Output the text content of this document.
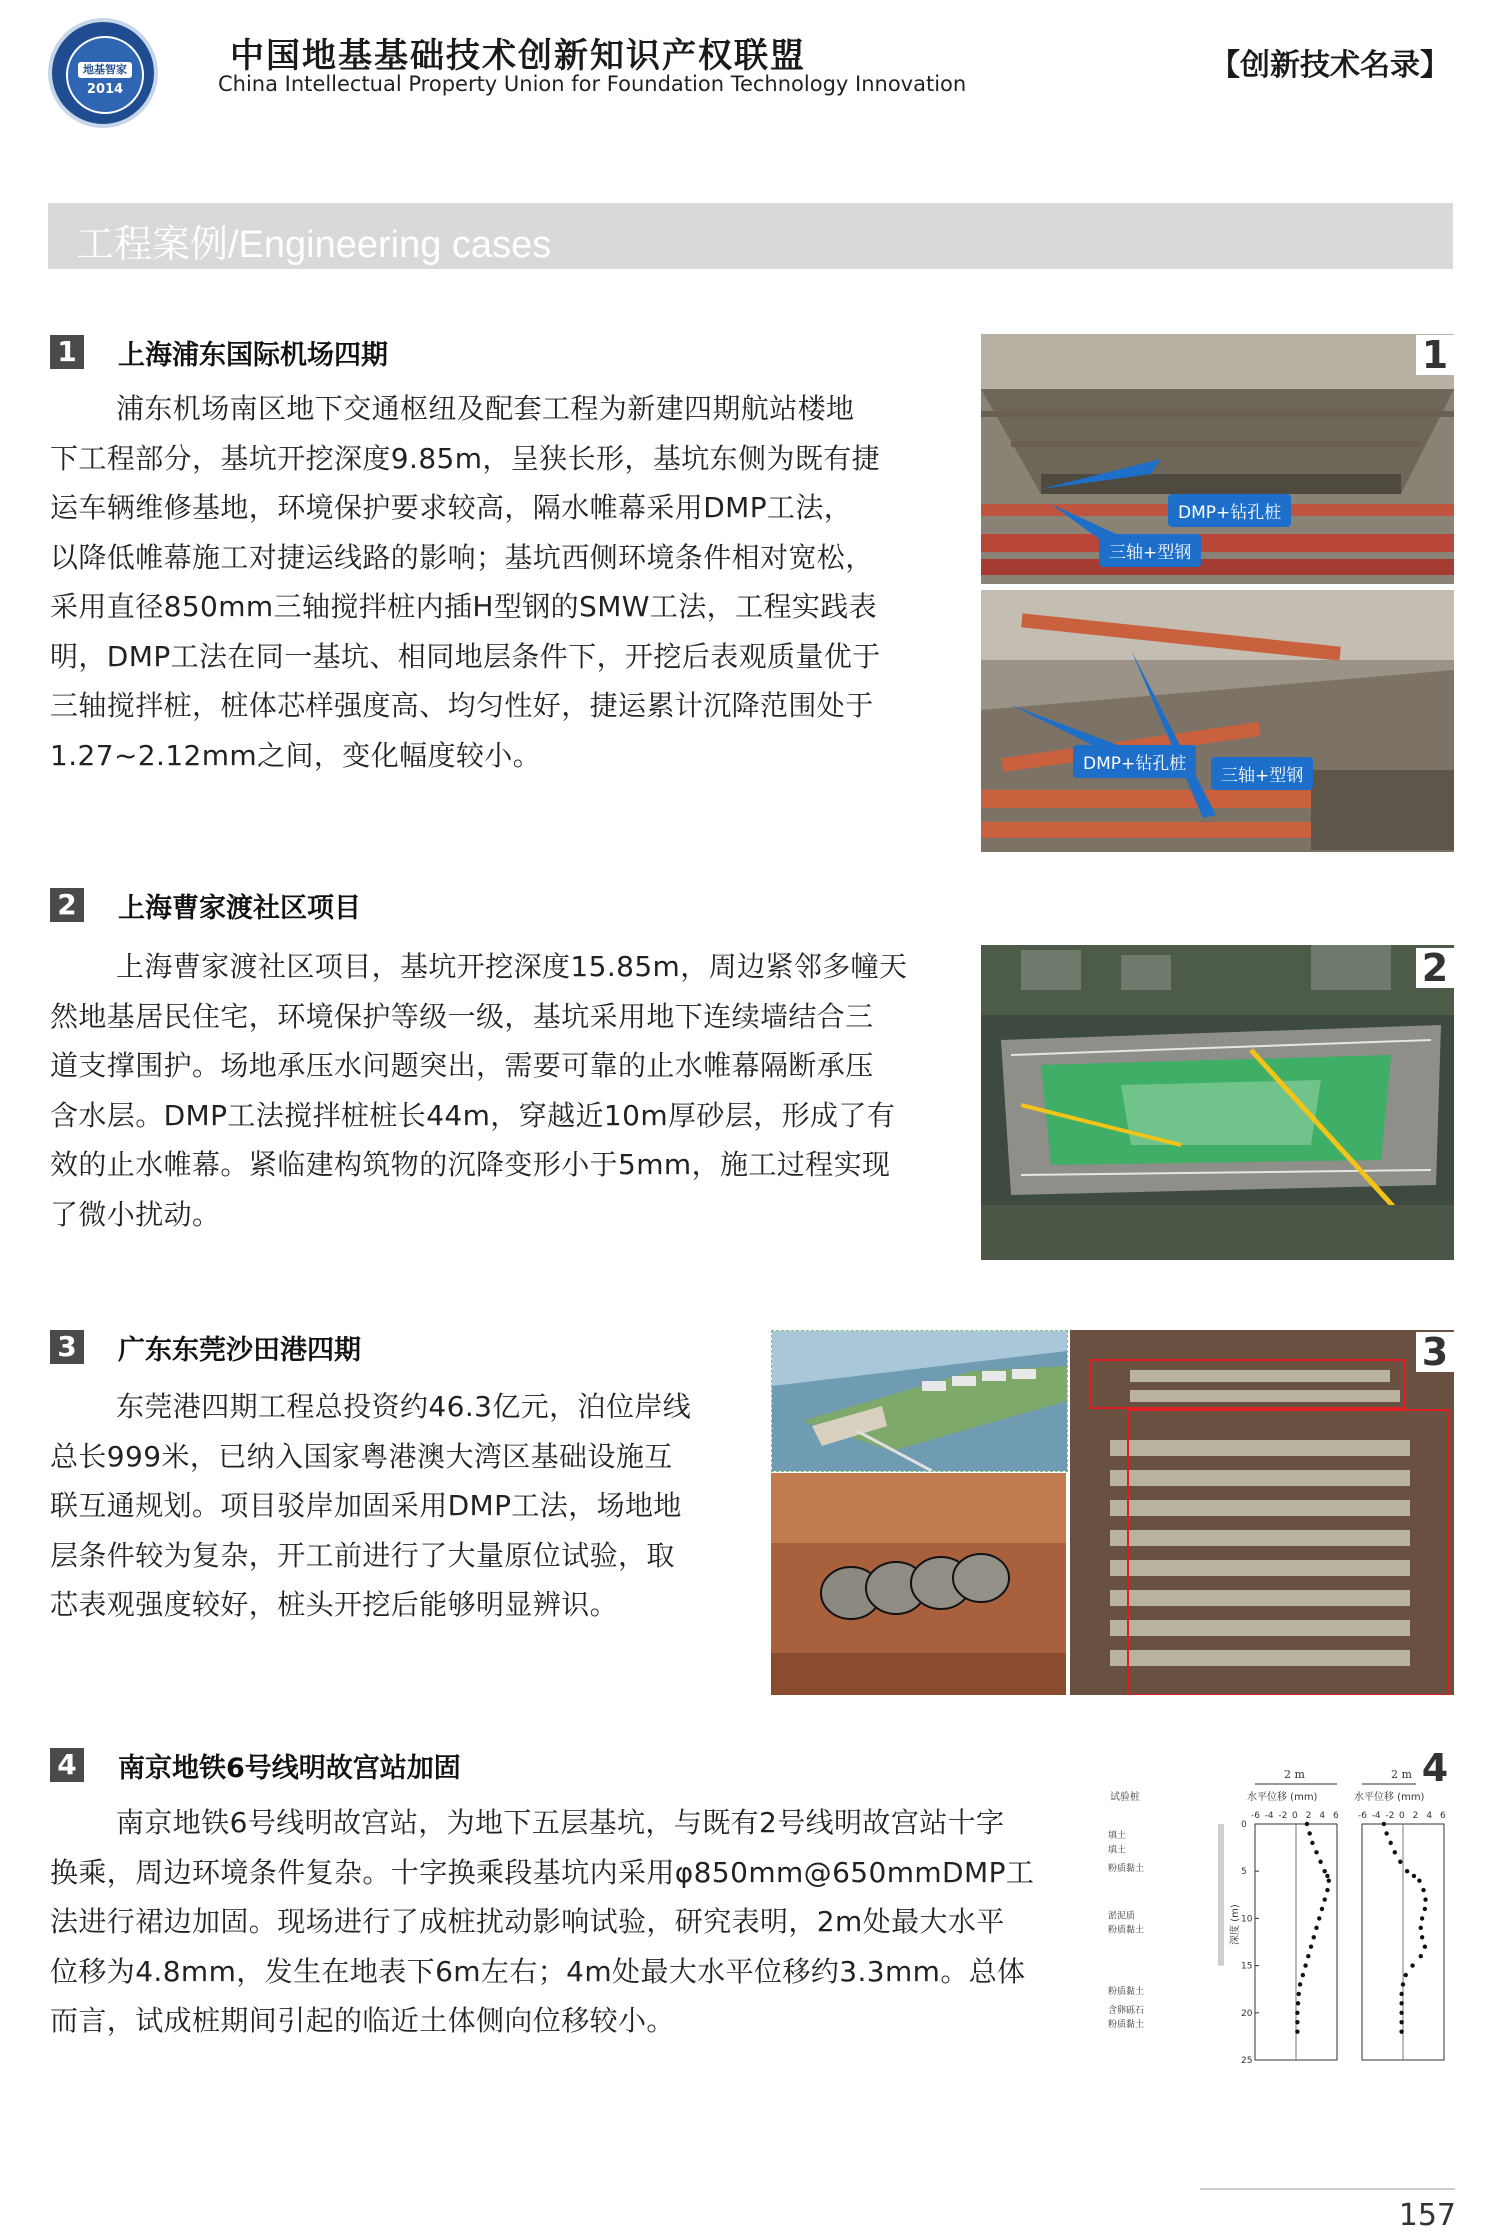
地基智家
2014
中国地基基础技术创新知识产权联盟
China Intellectual Property Union for Foundation Technology Innovation
【创新技术名录】
工程案例/Engineering cases
1 上海浦东国际机场四期
浦东机场南区地下交通枢纽及配套工程为新建四期航站楼地
下工程部分，基坑开挖深度9.85m，呈狭长形，基坑东侧为既有捷
运车辆维修基地，环境保护要求较高，隔水帷幕采用DMP工法，
以降低帷幕施工对捷运线路的影响；基坑西侧环境条件相对宽松，
采用直径850mm三轴搅拌桩内插H型钢的SMW工法，工程实践表
明，DMP工法在同一基坑、相同地层条件下，开挖后表观质量优于
三轴搅拌桩，桩体芯样强度高、均匀性好，捷运累计沉降范围处于
1.27~2.12mm之间，变化幅度较小。
DMP+钻孔桩
三轴+型钢
1
DMP+钻孔桩
三轴+型钢
2 上海曹家渡社区项目
上海曹家渡社区项目，基坑开挖深度15.85m，周边紧邻多幢天
然地基居民住宅，环境保护等级一级，基坑采用地下连续墙结合三
道支撑围护。场地承压水问题突出，需要可靠的止水帷幕隔断承压
含水层。DMP工法搅拌桩桩长44m，穿越近10m厚砂层，形成了有
效的止水帷幕。紧临建构筑物的沉降变形小于5mm，施工过程实现
了微小扰动。
2
3 广东东莞沙田港四期
东莞港四期工程总投资约46.3亿元，泊位岸线
总长999米，已纳入国家粤港澳大湾区基础设施互
联互通规划。项目驳岸加固采用DMP工法，场地地
层条件较为复杂，开工前进行了大量原位试验，取
芯表观强度较好，桩头开挖后能够明显辨识。
3
4 南京地铁6号线明故宫站加固
南京地铁6号线明故宫站，为地下五层基坑，与既有2号线明故宫站十字
换乘，周边环境条件复杂。十字换乘段基坑内采用φ850mm@650mmDMP工
法进行裙边加固。现场进行了成桩扰动影响试验，研究表明，2m处最大水平
位移为4.8mm，发生在地表下6m左右；4m处最大水平位移约3.3mm。总体
而言，试成桩期间引起的临近土体侧向位移较小。
试验桩
填土
填土
粉质黏土
淤泥质
粉质黏土
粉质黏土
含卵砾石
粉质黏土
深度 (m)
2 m
水平位移 (mm)
-6 -4 -2 0 2 4 6
0
5
10
15
20
25
2 m
水平位移 (mm)
-6 -4 -2 0 2 4 6
4
157
